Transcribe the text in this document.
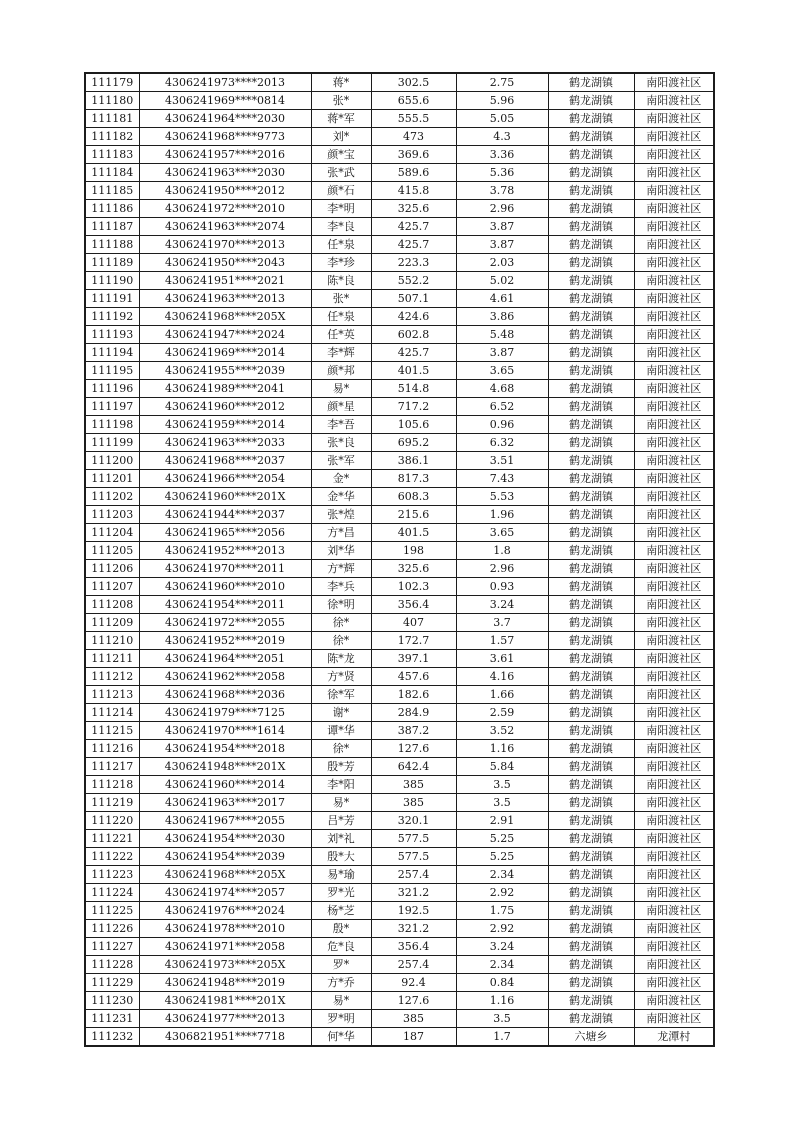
111179	4306241973****2013	蒋*	302.5	2.75	鹤龙湖镇	南阳渡社区
111180	4306241969****0814	张*	655.6	5.96	鹤龙湖镇	南阳渡社区
111181	4306241964****2030	蒋*军	555.5	5.05	鹤龙湖镇	南阳渡社区
111182	4306241968****9773	刘*	473	4.3	鹤龙湖镇	南阳渡社区
111183	4306241957****2016	颜*宝	369.6	3.36	鹤龙湖镇	南阳渡社区
111184	4306241963****2030	张*武	589.6	5.36	鹤龙湖镇	南阳渡社区
111185	4306241950****2012	颜*石	415.8	3.78	鹤龙湖镇	南阳渡社区
111186	4306241972****2010	李*明	325.6	2.96	鹤龙湖镇	南阳渡社区
111187	4306241963****2074	李*良	425.7	3.87	鹤龙湖镇	南阳渡社区
111188	4306241970****2013	任*泉	425.7	3.87	鹤龙湖镇	南阳渡社区
111189	4306241950****2043	李*珍	223.3	2.03	鹤龙湖镇	南阳渡社区
111190	4306241951****2021	陈*良	552.2	5.02	鹤龙湖镇	南阳渡社区
111191	4306241963****2013	张*	507.1	4.61	鹤龙湖镇	南阳渡社区
111192	4306241968****205X	任*泉	424.6	3.86	鹤龙湖镇	南阳渡社区
111193	4306241947****2024	任*英	602.8	5.48	鹤龙湖镇	南阳渡社区
111194	4306241969****2014	李*辉	425.7	3.87	鹤龙湖镇	南阳渡社区
111195	4306241955****2039	颜*邦	401.5	3.65	鹤龙湖镇	南阳渡社区
111196	4306241989****2041	易*	514.8	4.68	鹤龙湖镇	南阳渡社区
111197	4306241960****2012	颜*星	717.2	6.52	鹤龙湖镇	南阳渡社区
111198	4306241959****2014	李*吾	105.6	0.96	鹤龙湖镇	南阳渡社区
111199	4306241963****2033	张*良	695.2	6.32	鹤龙湖镇	南阳渡社区
111200	4306241968****2037	张*军	386.1	3.51	鹤龙湖镇	南阳渡社区
111201	4306241966****2054	金*	817.3	7.43	鹤龙湖镇	南阳渡社区
111202	4306241960****201X	金*华	608.3	5.53	鹤龙湖镇	南阳渡社区
111203	4306241944****2037	张*煌	215.6	1.96	鹤龙湖镇	南阳渡社区
111204	4306241965****2056	方*昌	401.5	3.65	鹤龙湖镇	南阳渡社区
111205	4306241952****2013	刘*华	198	1.8	鹤龙湖镇	南阳渡社区
111206	4306241970****2011	方*辉	325.6	2.96	鹤龙湖镇	南阳渡社区
111207	4306241960****2010	李*兵	102.3	0.93	鹤龙湖镇	南阳渡社区
111208	4306241954****2011	徐*明	356.4	3.24	鹤龙湖镇	南阳渡社区
111209	4306241972****2055	徐*	407	3.7	鹤龙湖镇	南阳渡社区
111210	4306241952****2019	徐*	172.7	1.57	鹤龙湖镇	南阳渡社区
111211	4306241964****2051	陈*龙	397.1	3.61	鹤龙湖镇	南阳渡社区
111212	4306241962****2058	方*贤	457.6	4.16	鹤龙湖镇	南阳渡社区
111213	4306241968****2036	徐*军	182.6	1.66	鹤龙湖镇	南阳渡社区
111214	4306241979****7125	谢*	284.9	2.59	鹤龙湖镇	南阳渡社区
111215	4306241970****1614	谭*华	387.2	3.52	鹤龙湖镇	南阳渡社区
111216	4306241954****2018	徐*	127.6	1.16	鹤龙湖镇	南阳渡社区
111217	4306241948****201X	殷*芳	642.4	5.84	鹤龙湖镇	南阳渡社区
111218	4306241960****2014	李*阳	385	3.5	鹤龙湖镇	南阳渡社区
111219	4306241963****2017	易*	385	3.5	鹤龙湖镇	南阳渡社区
111220	4306241967****2055	吕*芳	320.1	2.91	鹤龙湖镇	南阳渡社区
111221	4306241954****2030	刘*礼	577.5	5.25	鹤龙湖镇	南阳渡社区
111222	4306241954****2039	殷*大	577.5	5.25	鹤龙湖镇	南阳渡社区
111223	4306241968****205X	易*瑜	257.4	2.34	鹤龙湖镇	南阳渡社区
111224	4306241974****2057	罗*光	321.2	2.92	鹤龙湖镇	南阳渡社区
111225	4306241976****2024	杨*芝	192.5	1.75	鹤龙湖镇	南阳渡社区
111226	4306241978****2010	殷*	321.2	2.92	鹤龙湖镇	南阳渡社区
111227	4306241971****2058	危*良	356.4	3.24	鹤龙湖镇	南阳渡社区
111228	4306241973****205X	罗*	257.4	2.34	鹤龙湖镇	南阳渡社区
111229	4306241948****2019	方*乔	92.4	0.84	鹤龙湖镇	南阳渡社区
111230	4306241981****201X	易*	127.6	1.16	鹤龙湖镇	南阳渡社区
111231	4306241977****2013	罗*明	385	3.5	鹤龙湖镇	南阳渡社区
111232	4306821951****7718	何*华	187	1.7	六塘乡	龙潭村
